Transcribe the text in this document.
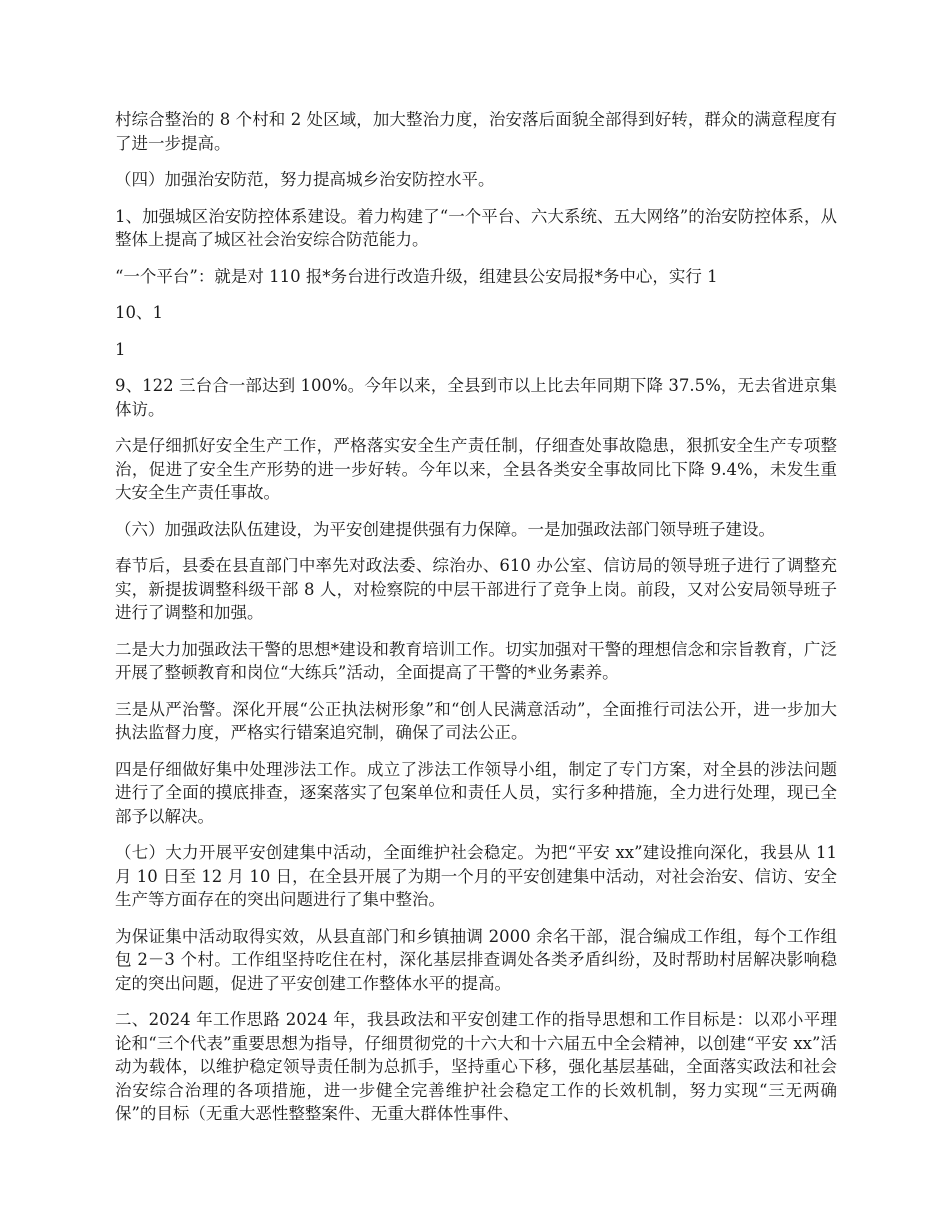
村综合整治的 8 个村和 2 处区域，加大整治力度，治安落后面貌全部得到好转，群众的满意程度有了进一步提高。

（四）加强治安防范，努力提高城乡治安防控水平。

1、加强城区治安防控体系建设。着力构建了“一个平台、六大系统、五大网络”的治安防控体系，从整体上提高了城区社会治安综合防范能力。

“一个平台”：就是对 110 报*务台进行改造升级，组建县公安局报*务中心，实行 1

10、1

1

9、122 三台合一部达到 100%。今年以来，全县到市以上比去年同期下降 37.5%，无去省进京集体访。

六是仔细抓好安全生产工作，严格落实安全生产责任制，仔细查处事故隐患，狠抓安全生产专项整治，促进了安全生产形势的进一步好转。今年以来，全县各类安全事故同比下降 9.4%，未发生重大安全生产责任事故。

（六）加强政法队伍建设，为平安创建提供强有力保障。一是加强政法部门领导班子建设。

春节后，县委在县直部门中率先对政法委、综治办、610 办公室、信访局的领导班子进行了调整充实，新提拔调整科级干部 8 人，对检察院的中层干部进行了竞争上岗。前段，又对公安局领导班子进行了调整和加强。

二是大力加强政法干警的思想*建设和教育培训工作。切实加强对干警的理想信念和宗旨教育，广泛开展了整顿教育和岗位“大练兵”活动，全面提高了干警的*业务素养。

三是从严治警。深化开展“公正执法树形象”和“创人民满意活动”，全面推行司法公开，进一步加大执法监督力度，严格实行错案追究制，确保了司法公正。

四是仔细做好集中处理涉法工作。成立了涉法工作领导小组，制定了专门方案，对全县的涉法问题进行了全面的摸底排查，逐案落实了包案单位和责任人员，实行多种措施，全力进行处理，现已全部予以解决。

（七）大力开展平安创建集中活动，全面维护社会稳定。为把“平安 xx”建设推向深化，我县从 11 月 10 日至 12 月 10 日，在全县开展了为期一个月的平安创建集中活动，对社会治安、信访、安全生产等方面存在的突出问题进行了集中整治。

为保证集中活动取得实效，从县直部门和乡镇抽调 2000 余名干部，混合编成工作组，每个工作组包 2－3 个村。工作组坚持吃住在村，深化基层排查调处各类矛盾纠纷，及时帮助村居解决影响稳定的突出问题，促进了平安创建工作整体水平的提高。

二、2024 年工作思路 2024 年，我县政法和平安创建工作的指导思想和工作目标是：以邓小平理论和“三个代表”重要思想为指导，仔细贯彻党的十六大和十六届五中全会精神，以创建“平安 xx”活动为载体，以维护稳定领导责任制为总抓手，坚持重心下移，强化基层基础，全面落实政法和社会治安综合治理的各项措施，进一步健全完善维护社会稳定工作的长效机制，努力实现“三无两确保”的目标（无重大恶性整整案件、无重大群体性事件、
